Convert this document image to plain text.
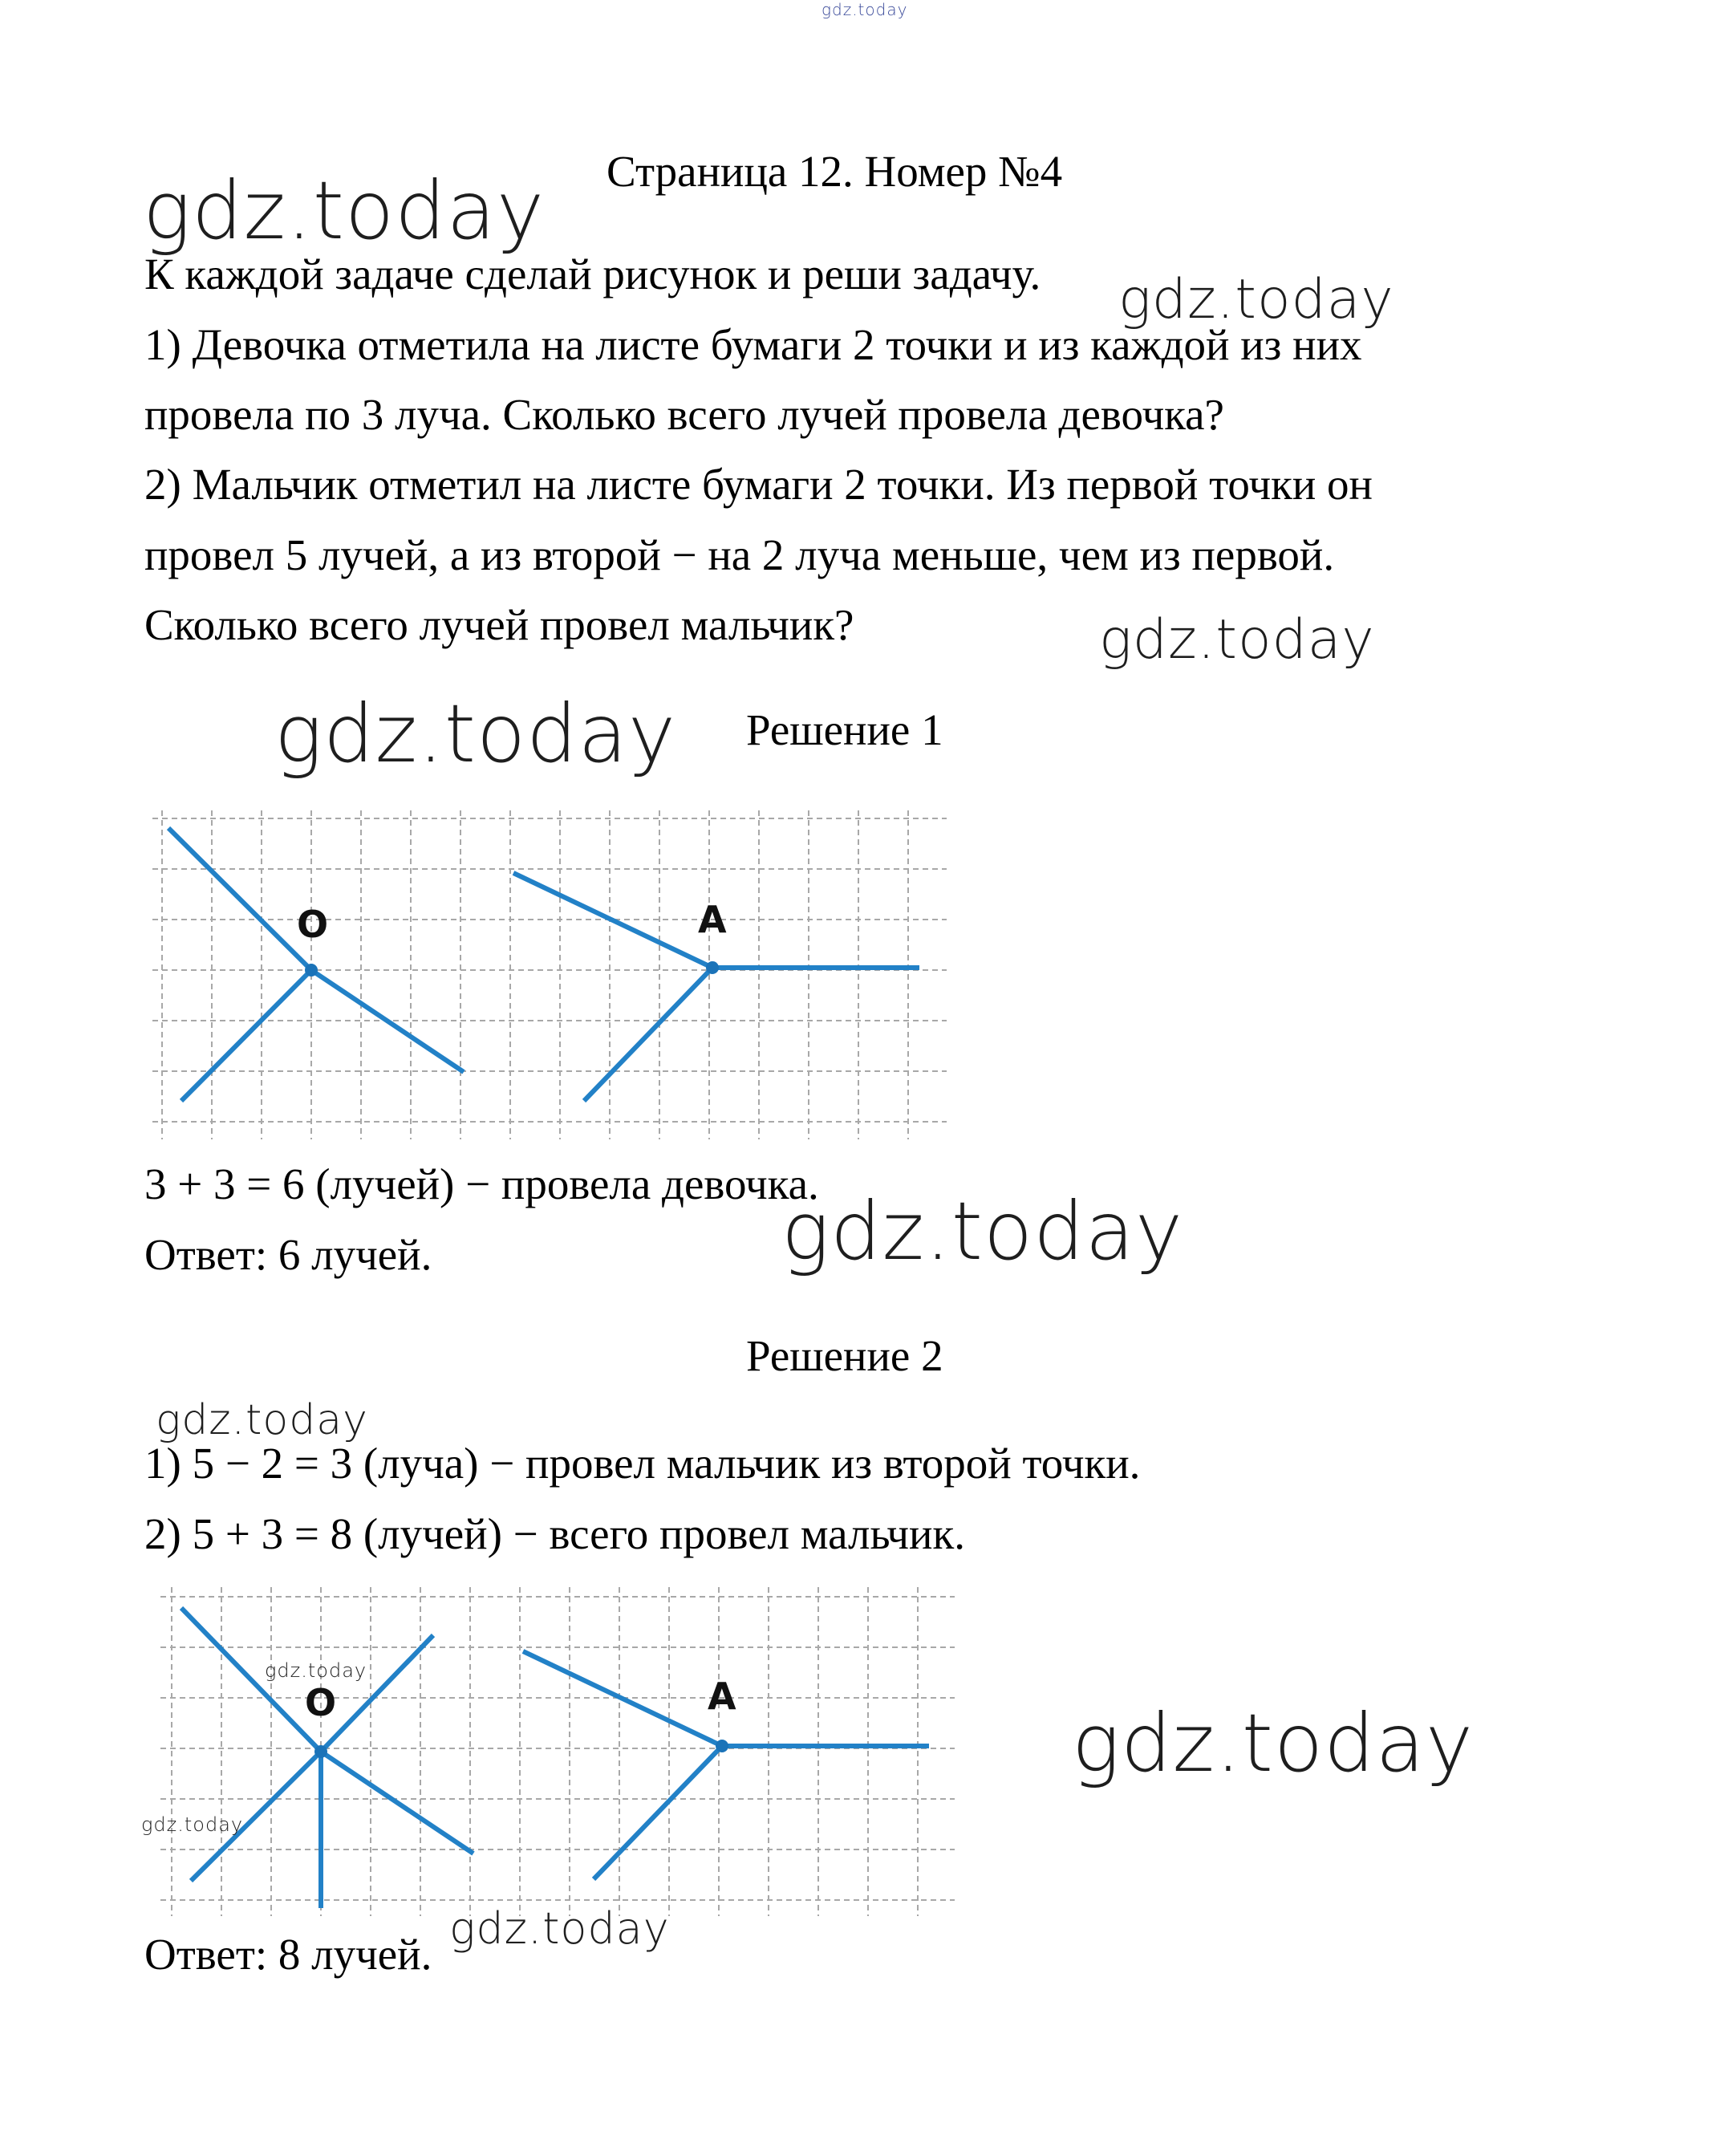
gdz.today
Страница 12. Номер №4
gdz.today
К каждой задаче сделай рисунок и реши задачу. gdz.today
1) Девочка отметила на листе бумаги 2 точки и из каждой из них
провела по 3 луча. Сколько всего лучей провела девочка?
2) Мальчик отметил на листе бумаги 2 точки. Из первой точки он
провел 5 лучей, а из второй − на 2 луча меньше, чем из первой.
Сколько всего лучей провел мальчик?	gdz.today
gdz.today Решение 1
O	A
3 + 3 = 6 (лучей) − провела девочка.
gdz.today
Ответ: 6 лучей.
Решение 2
gdz.today
1) 5 − 2 = 3 (луча) − провел мальчик из второй точки.
2) 5 + 3 = 8 (лучей) − всего провел мальчик.
O	A
gdz.today
gdz.today
gdz.today
Ответ: 8 лучей.
gdz.today
